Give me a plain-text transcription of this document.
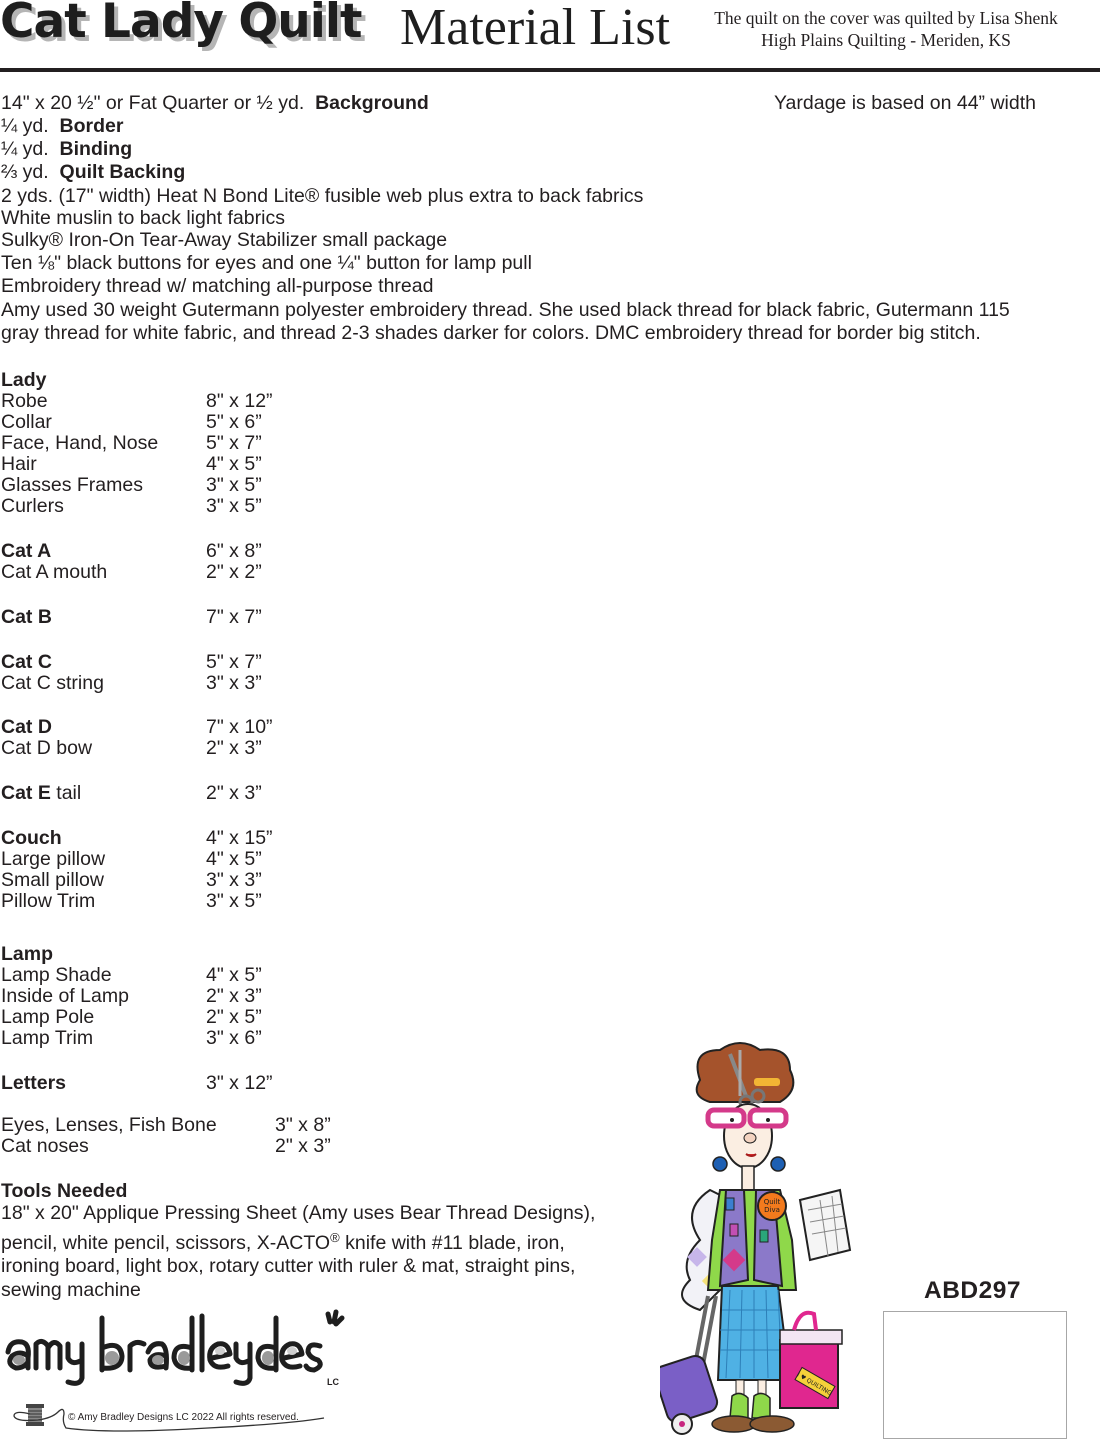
Cat Lady Quilt Material List	The quilt on the cover was quilted by Lisa Shenk
High Plains Quilting - Meriden, KS
14" x 20 ½" or Fat Quarter or ½ yd. Background	Yardage is based on 44” width
¼ yd. Border
¼ yd. Binding
⅔ yd. Quilt Backing
2 yds. (17" width) Heat N Bond Lite® fusible web plus extra to back fabrics
White muslin to back light fabrics
Sulky® Iron-On Tear-Away Stabilizer small package
Ten ⅛" black buttons for eyes and one ¼" button for lamp pull
Embroidery thread w/ matching all-purpose thread
Amy used 30 weight Gutermann polyester embroidery thread. She used black thread for black fabric, Gutermann 115
gray thread for white fabric, and thread 2-3 shades darker for colors. DMC embroidery thread for border big stitch.
Lady
Robe	8" x 12”
Collar	5" x 6”
Face, Hand, Nose 5" x 7”
Hair	4" x 5”
Glasses Frames	3" x 5”
Curlers	3" x 5”
Cat A	6" x 8”
Cat A mouth	2" x 2”
Cat B	7" x 7”
Cat C	5" x 7”
Cat C string	3" x 3”
Cat D	7" x 10”
Cat D bow	2" x 3”
Cat E tail	2" x 3”
Couch	4" x 15”
Large pillow	4" x 5”
Small pillow	3" x 3”
Pillow Trim	3" x 5”
Lamp
Lamp Shade	4" x 5”
Inside of Lamp	2" x 3”
Lamp Pole	2" x 5”
Lamp Trim	3" x 6”
Letters	3" x 12”
Eyes, Lenses, Fish Bone	3" x 8”
Cat noses	2" x 3”
Tools Needed
18" x 20" Applique Pressing Sheet (Amy uses Bear Thread Designs),
pencil, white pencil, scissors, X-ACTO® knife with #11 blade, iron,
ironing board, light box, rotary cutter with ruler & mat, straight pins,
sewing machine
LC
© Amy Bradley Designs LC 2022 All rights reserved.
Quilt
Diva
I ♥ QUILTING
ABD297
